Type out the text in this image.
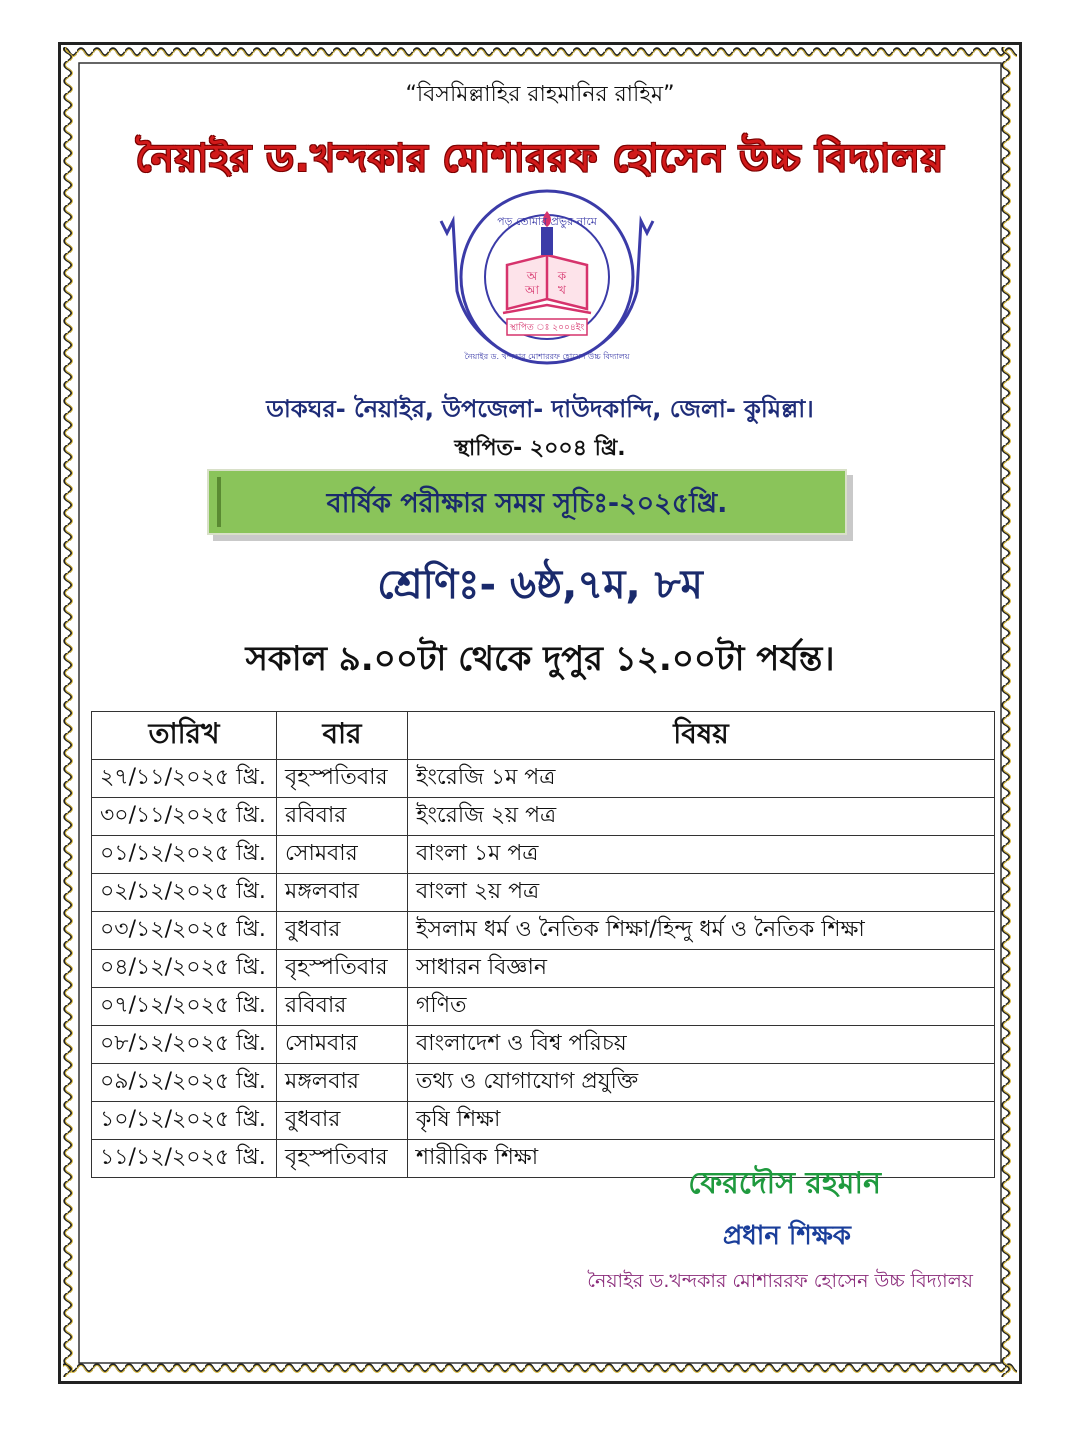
“বিসমিল্লাহির রাহমানির রাহিম”
নৈয়াইর ড.খন্দকার মোশাররফ হোসেন উচ্চ বিদ্যালয়
স্থাপিত ঃ ২০০৪ইং
পড় তোমার প্রভুর নামে
অ	ক
আ	খ
নৈয়াইর ড. খন্দকার মোশাররফ হোসেন উচ্চ বিদ্যালয়
ডাকঘর- নৈয়াইর, উপজেলা- দাউদকান্দি, জেলা- কুমিল্লা।
স্থাপিত- ২০০৪ খ্রি.
বার্ষিক পরীক্ষার সময় সূচিঃ-২০২৫খ্রি.
শ্রেণিঃ- ৬ষ্ঠ,৭ম, ৮ম
সকাল ৯.০০টা থেকে দুপুর ১২.০০টা পর্যন্ত।
তারিখ	বার	বিষয়
২৭/১১/২০২৫ খ্রি.	বৃহস্পতিবার	ইংরেজি ১ম পত্র
৩০/১১/২০২৫ খ্রি.	রবিবার	ইংরেজি ২য় পত্র
০১/১২/২০২৫ খ্রি.	সোমবার	বাংলা ১ম পত্র
০২/১২/২০২৫ খ্রি.	মঙ্গলবার	বাংলা ২য় পত্র
০৩/১২/২০২৫ খ্রি.	বুধবার	ইসলাম ধর্ম ও নৈতিক শিক্ষা/হিন্দু ধর্ম ও নৈতিক শিক্ষা
০৪/১২/২০২৫ খ্রি.	বৃহস্পতিবার	সাধারন বিজ্ঞান
০৭/১২/২০২৫ খ্রি.	রবিবার	গণিত
০৮/১২/২০২৫ খ্রি.	সোমবার	বাংলাদেশ ও বিশ্ব পরিচয়
০৯/১২/২০২৫ খ্রি.	মঙ্গলবার	তথ্য ও যোগাযোগ প্রযুক্তি
১০/১২/২০২৫ খ্রি.	বুধবার	কৃষি শিক্ষা
১১/১২/২০২৫ খ্রি.	বৃহস্পতিবার	শারীরিক শিক্ষা
ফেরদৌস রহমান
প্রধান শিক্ষক
নৈয়াইর ড.খন্দকার মোশাররফ হোসেন উচ্চ বিদ্যালয়
